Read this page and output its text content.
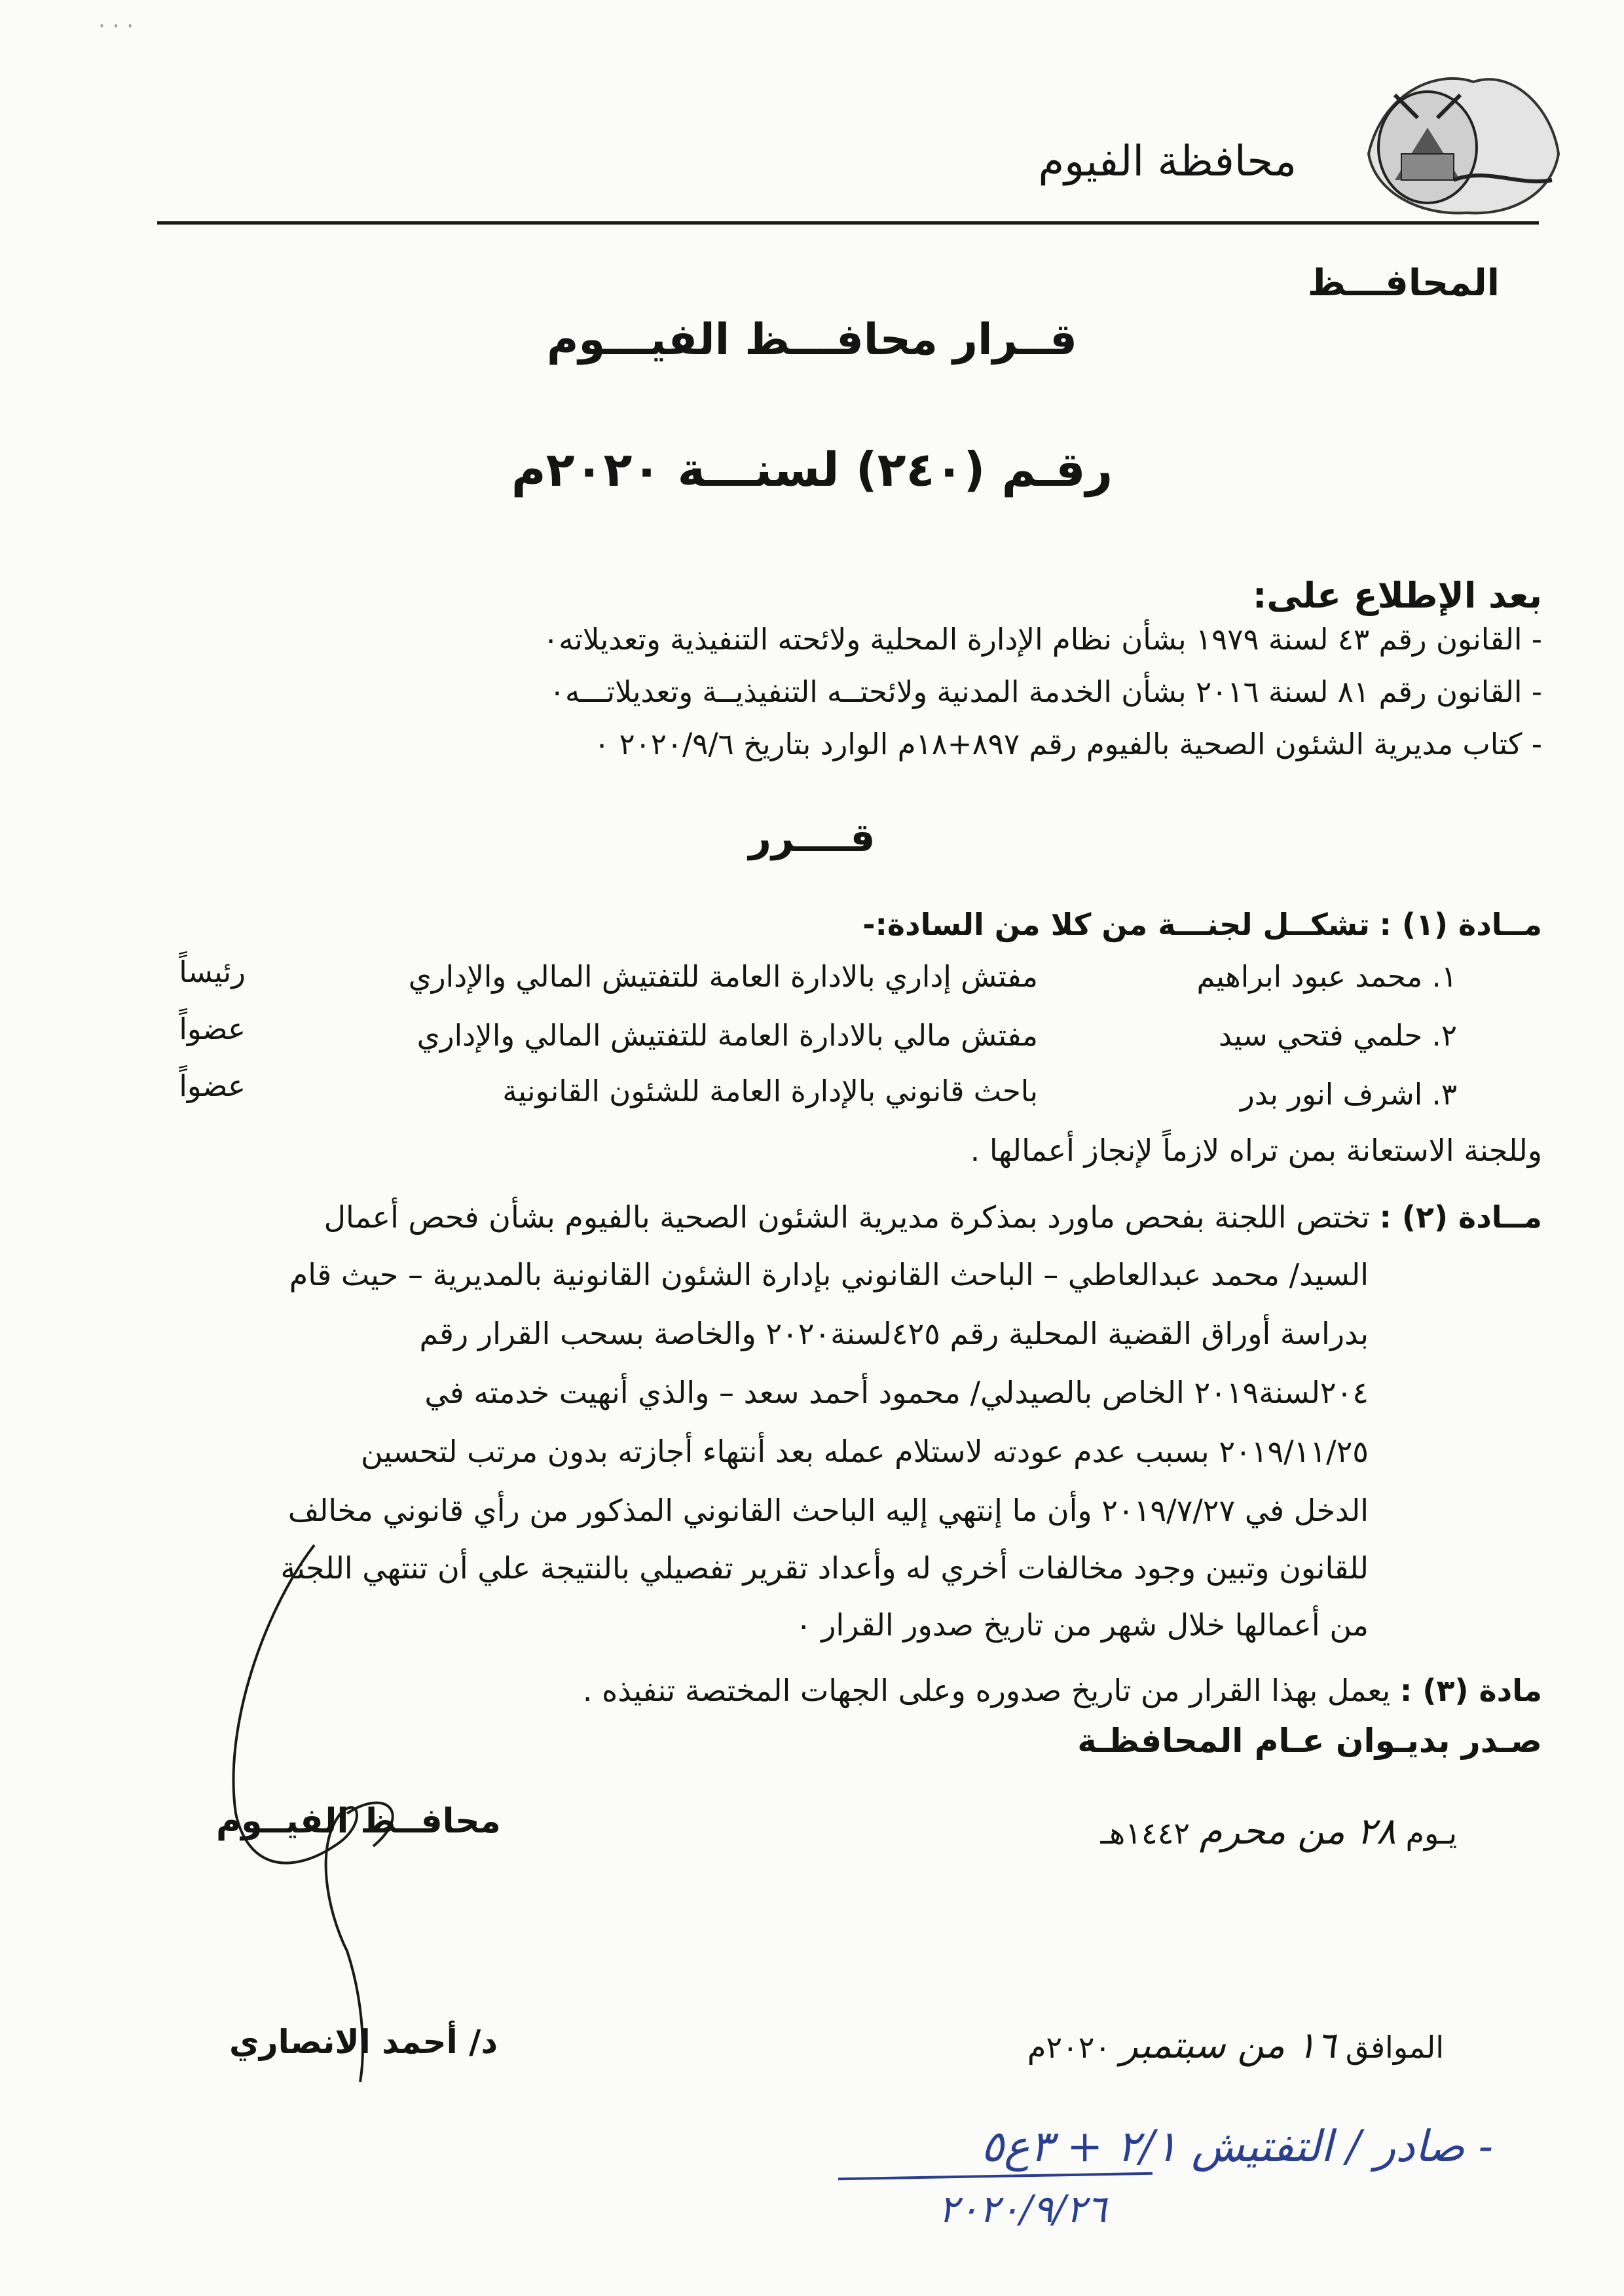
· · ·
محافظة الفيوم
المحافـــظ
قــرار محافـــظ الفيـــوم
رقـم (٢٤٠) لسنـــة ٢٠٢٠م
بعد الإطلاع على:
- القانون رقم ٤٣ لسنة ١٩٧٩ بشأن نظام الإدارة المحلية ولائحته التنفيذية وتعديلاته٠
- القانون رقم ٨١ لسنة ٢٠١٦ بشأن الخدمة المدنية ولائحتــه التنفيذيــة وتعديلاتـــه٠
- كتاب مديرية الشئون الصحية بالفيوم رقم ٨٩٧+١٨م الوارد بتاريخ ٢٠٢٠/٩/٦ ٠
قــــرر
مــادة (١) : تشكــل لجنـــة من كلا من السادة:-
١. محمد عبود ابراهيم
مفتش إداري بالادارة العامة للتفتيش المالي والإداري
رئيساً
٢. حلمي فتحي سيد
مفتش مالي بالادارة العامة للتفتيش المالي والإداري
عضواً
٣. اشرف انور بدر
باحث قانوني بالإدارة العامة للشئون القانونية
عضواً
وللجنة الاستعانة بمن تراه لازماً لإنجاز أعمالها .
مــادة (٢) : تختص اللجنة بفحص ماورد بمذكرة مديرية الشئون الصحية بالفيوم بشأن فحص أعمال
السيد/ محمد عبدالعاطي – الباحث القانوني بإدارة الشئون القانونية بالمديرية – حيث قام
بدراسة أوراق القضية المحلية رقم ٤٢٥لسنة٢٠٢٠ والخاصة بسحب القرار رقم
٢٠٤لسنة٢٠١٩ الخاص بالصيدلي/ محمود أحمد سعد – والذي أنهيت خدمته في
٢٠١٩/١١/٢٥ بسبب عدم عودته لاستلام عمله بعد أنتهاء أجازته بدون مرتب لتحسين
الدخل في ٢٠١٩/٧/٢٧ وأن ما إنتهي إليه الباحث القانوني المذكور من رأي قانوني مخالف
للقانون وتبين وجود مخالفات أخري له وأعداد تقرير تفصيلي بالنتيجة علي أن تنتهي اللجنة
من أعمالها خلال شهر من تاريخ صدور القرار ٠
مادة (٣) : يعمل بهذا القرار من تاريخ صدوره وعلى الجهات المختصة تنفيذه .
صـدر بديـوان عـام المحافظـة
يـوم ٢٨ من محرم ١٤٤٢هـ
الموافق ١٦ من سبتمبر ٢٠٢٠م
محافــظ الفيــوم
د/ أحمد الانصاري
- صادر / التفتيش ٢/١ + ٣ع٥
٢٠٢٠/٩/٢٦
